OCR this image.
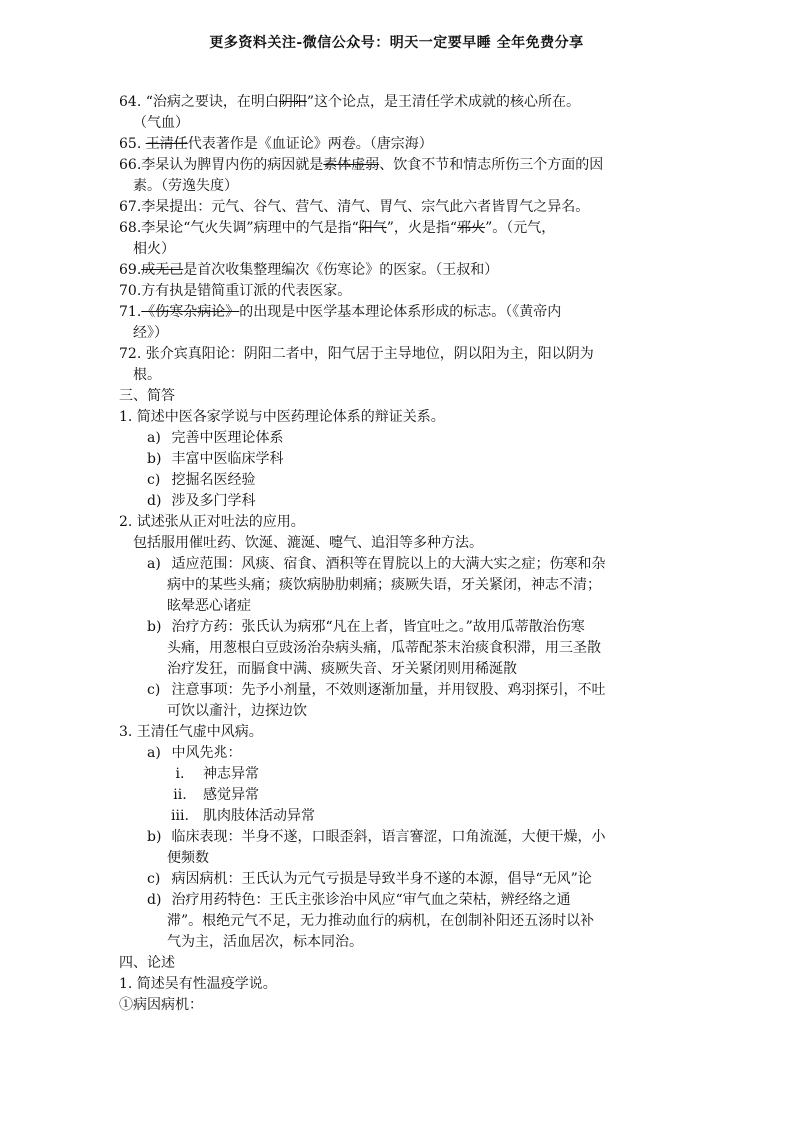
更多资料关注-微信公众号：明天一定要早睡 全年免费分享
64. “治病之要诀，在明白阴阳”这个论点，是王清任学术成就的核心所在。
（气血）
65. 王清任代表著作是《血证论》两卷。（唐宗海）
66.李杲认为脾胃内伤的病因就是素体虚弱、饮食不节和情志所伤三个方面的因
素。（劳逸失度）
67.李杲提出：元气、谷气、营气、清气、胃气、宗气此六者皆胃气之异名。
68.李杲论“气火失调”病理中的气是指“阳气”，火是指“邪火”。（元气，
相火）
69.成无己是首次收集整理编次《伤寒论》的医家。（王叔和）
70.方有执是错简重订派的代表医家。
71.《伤寒杂病论》的出现是中医学基本理论体系形成的标志。（《黄帝内
经》）
72. 张介宾真阳论：阴阳二者中，阳气居于主导地位，阴以阳为主，阳以阴为
根。
三、简答
1. 简述中医各家学说与中医药理论体系的辩证关系。
a) 完善中医理论体系
b) 丰富中医临床学科
c) 挖掘名医经验
d) 涉及多门学科
2. 试述张从正对吐法的应用。
包括服用催吐药、饮涎、漉涎、嚏气、追泪等多种方法。
a) 适应范围：风痰、宿食、酒积等在胃脘以上的大满大实之症；伤寒和杂
病中的某些头痛；痰饮病胁肋刺痛；痰厥失语，牙关紧闭，神志不清；
眩晕恶心诸症
b) 治疗方药：张氏认为病邪“凡在上者，皆宜吐之。”故用瓜蒂散治伤寒
头痛，用葱根白豆豉汤治杂病头痛，瓜蒂配茶末治痰食积滞，用三圣散
治疗发狂，而膈食中满、痰厥失音、牙关紧闭则用稀涎散
c) 注意事项：先予小剂量，不效则逐渐加量，并用钗股、鸡羽探引，不吐
可饮以齑汁，边探边饮
3. 王清任气虚中风病。
a) 中风先兆：
i. 神志异常
ii. 感觉异常
iii. 肌肉肢体活动异常
b) 临床表现：半身不遂，口眼歪斜，语言謇涩，口角流涎，大便干燥，小
便频数
c) 病因病机：王氏认为元气亏损是导致半身不遂的本源，倡导“无风”论
d) 治疗用药特色：王氏主张诊治中风应“审气血之荣枯，辨经络之通
滞”。根绝元气不足，无力推动血行的病机，在创制补阳还五汤时以补
气为主，活血居次，标本同治。
四、论述
1. 简述吴有性温疫学说。
①病因病机：
